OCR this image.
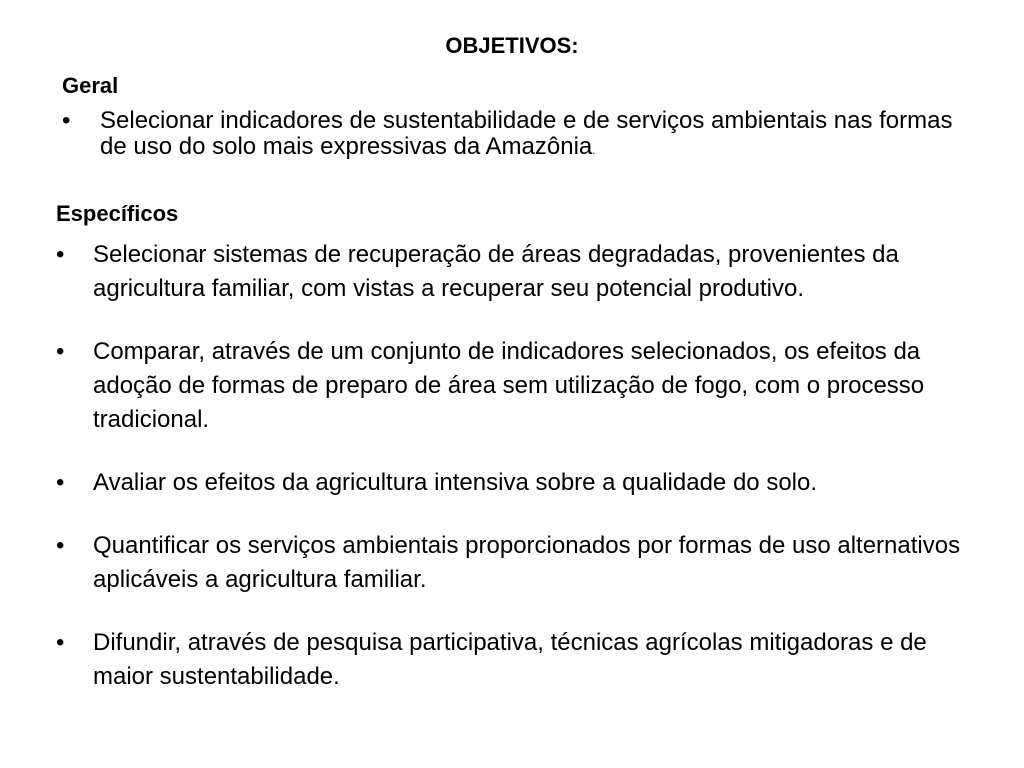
OBJETIVOS:
Geral
• Selecionar indicadores de sustentabilidade e de serviços ambientais nas formas de uso do solo mais expressivas da Amazônia.
Específicos
• Selecionar sistemas de recuperação de áreas degradadas, provenientes da agricultura familiar, com vistas a recuperar seu potencial produtivo.
• Comparar, através de um conjunto de indicadores selecionados, os efeitos da adoção de formas de preparo de área sem utilização de fogo, com o processo tradicional.
• Avaliar os efeitos da agricultura intensiva sobre a qualidade do solo.
• Quantificar os serviços ambientais proporcionados por formas de uso alternativos aplicáveis a agricultura familiar.
• Difundir, através de pesquisa participativa, técnicas agrícolas mitigadoras e de maior sustentabilidade.
